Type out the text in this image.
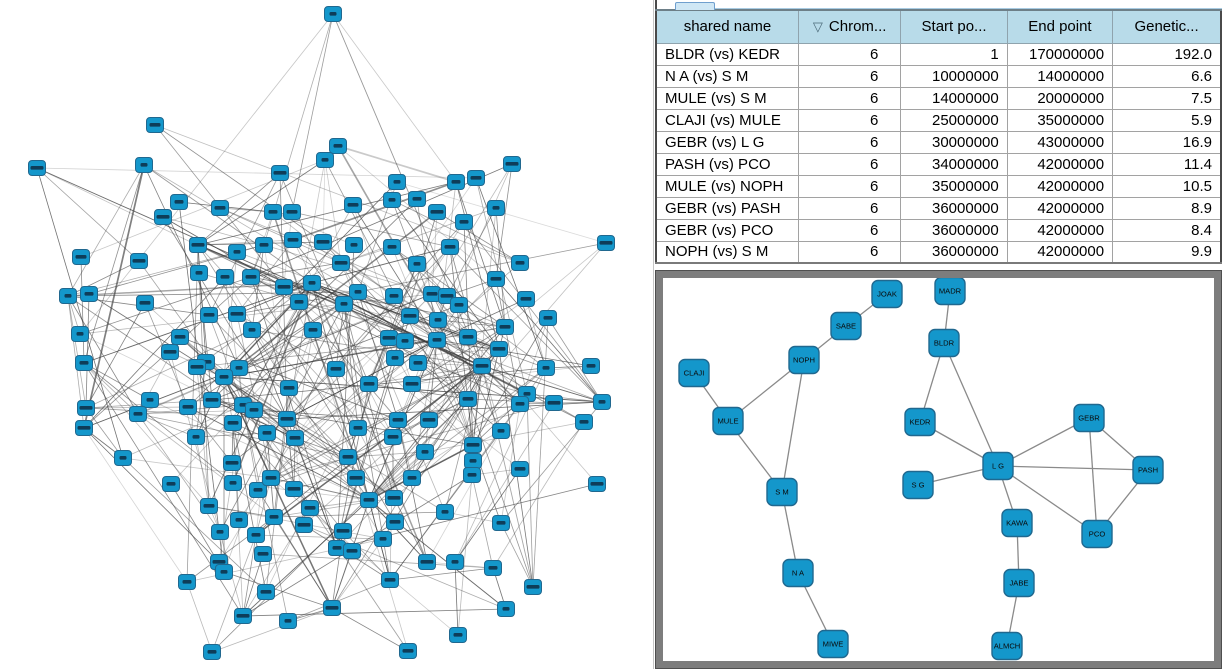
shared name	▽ Chrom...	Start po...	End point	Genetic...
BLDR (vs) KEDR	6	1	170000000	192.0
N A (vs) S M	6	10000000	14000000	6.6
MULE (vs) S M	6	14000000	20000000	7.5
CLAJI (vs) MULE	6	25000000	35000000	5.9
GEBR (vs) L G	6	30000000	43000000	16.9
PASH (vs) PCO	6	34000000	42000000	11.4
MULE (vs) NOPH	6	35000000	42000000	10.5
GEBR (vs) PASH	6	36000000	42000000	8.9
GEBR (vs) PCO	6	36000000	42000000	8.4
NOPH (vs) S M	6	36000000	42000000	9.9
MADR
JOAK
SABE
BLDR
NOPH
CLAJI
GEBR
KEDR
MULE
L G	PASH
S G
S M
KAWA
PCO
N A
JABE
MIWE	ALMCH
